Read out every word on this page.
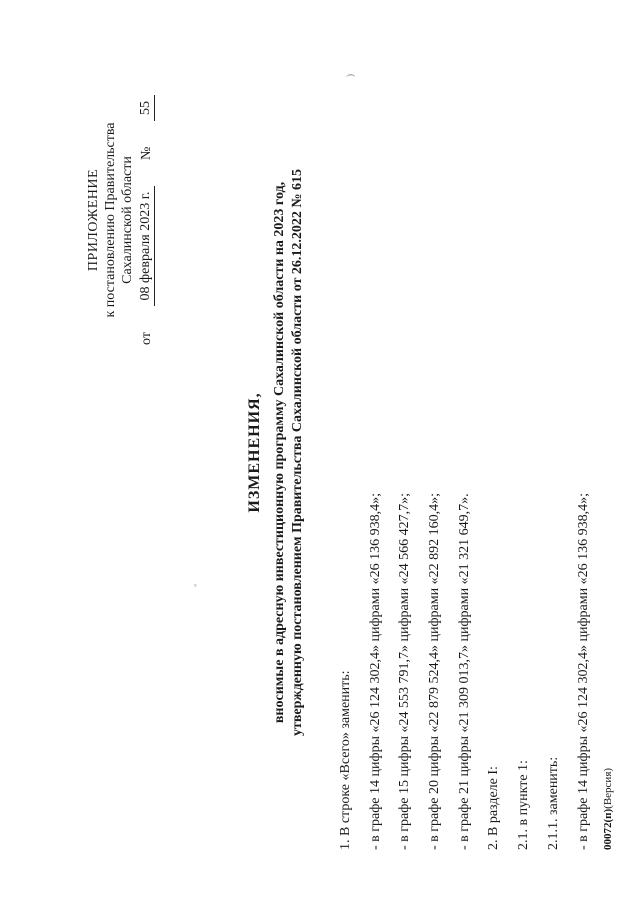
ПРИЛОЖЕНИЕ к постановлению Правительства Сахалинской области
от
08 февраля 2023 г.
№
55
ИЗМЕНЕНИЯ, вносимые в адресную инвестиционную программу Сахалинской области на 2023 год, утвержденную постановлением Правительства Сахалинской области от 26.12.2022 № 615
1. В строке «Всего» заменить:	- в графе 14 цифры «26 124 302,4» цифрами «26 136 938,4»;	- в графе 15 цифры «24 553 791,7» цифрами «24 566 427,7»;	- в графе 20 цифры «22 879 524,4» цифрами «22 892 160,4»;	- в графе 21 цифры «21 309 013,7» цифрами «21 321 649,7».	2. В разделе I:	2.1. в пункте 1:	2.1.1. заменить:	- в графе 14 цифры «26 124 302,4» цифрами «26 136 938,4»;	00072(п)(Версия)
◦
)
